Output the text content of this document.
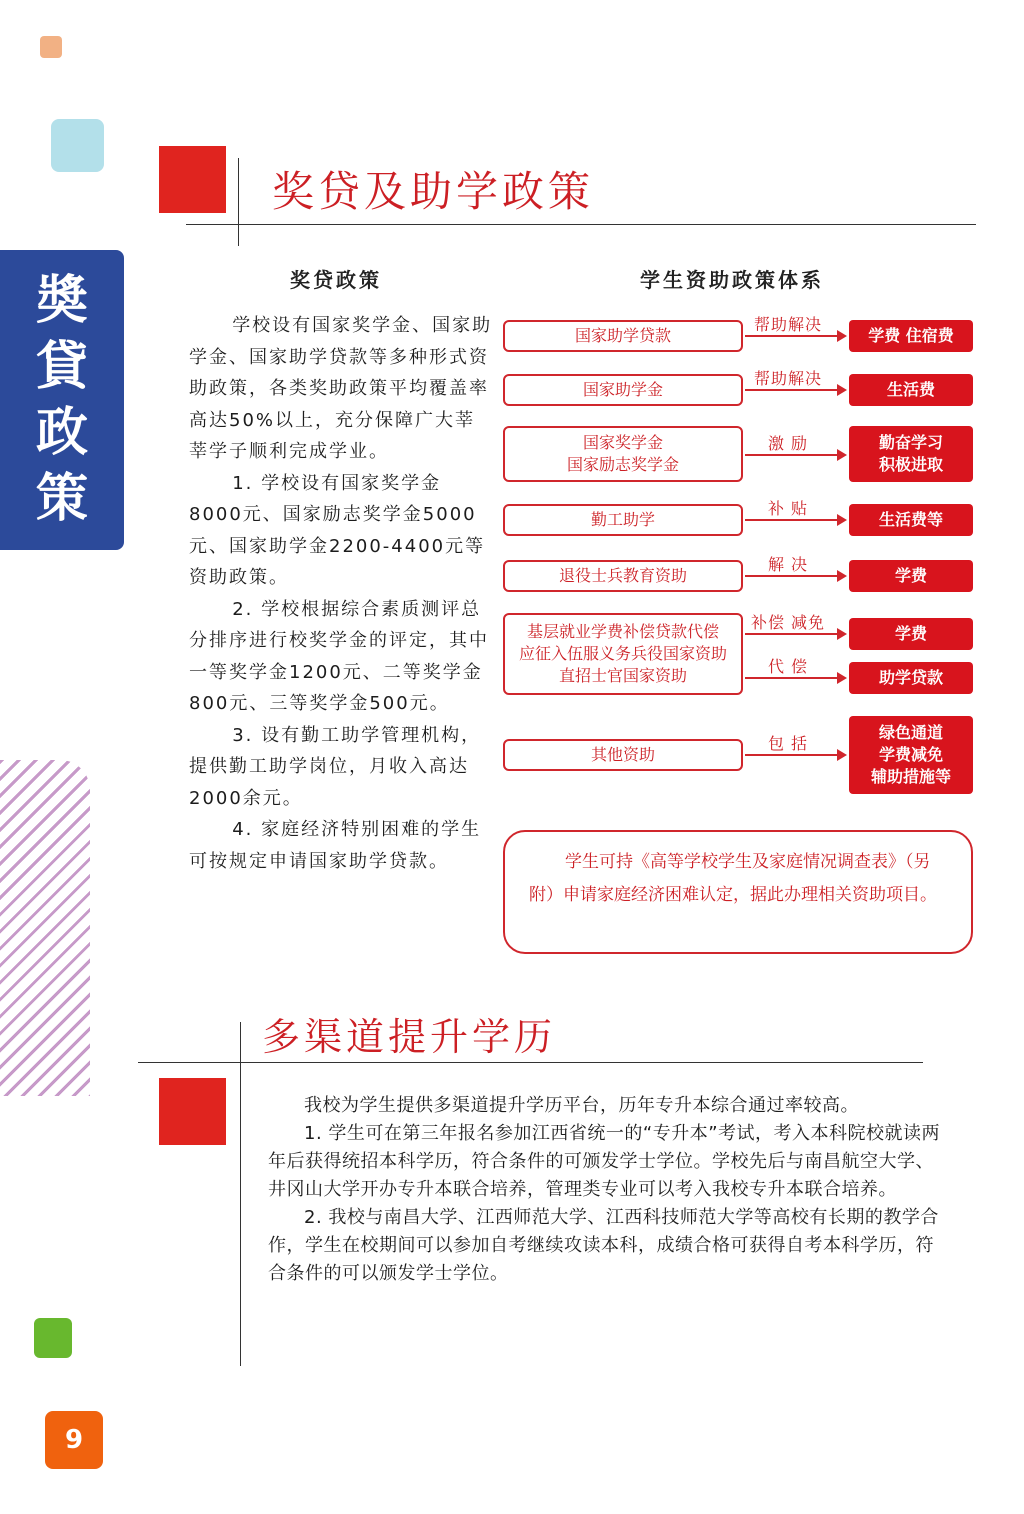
奬
貸
政
策
奖贷及助学政策
奖贷政策	学生资助政策体系

学校设有国家奖学金、国家助学金、国家助学贷款等多种形式资助政策，各类奖助政策平均覆盖率高达50%以上，充分保障广大莘莘学子顺利完成学业。

1. 学校设有国家奖学金8000元、国家励志奖学金5000元、国家助学金2200-4400元等资助政策。

2. 学校根据综合素质测评总分排序进行校奖学金的评定，其中一等奖学金1200元、二等奖学金800元、三等奖学金500元。

3. 设有勤工助学管理机构，提供勤工助学岗位，月收入高达2000余元。

4. 家庭经济特别困难的学生可按规定申请国家助学贷款。

国家助学贷款
帮助解决
学费 住宿费
国家助学金
帮助解决
生活费
国家奖学金
国家励志奖学金
激 励	勤奋学习
积极进取
勤工助学
补 贴
生活费等
退役士兵教育资助
解 决
学费
基层就业学费补偿贷款代偿
应征入伍服义务兵役国家资助
直招士官国家资助
补偿 减免
学费
代 偿
助学贷款
其他资助
包 括
绿色通道
学费减免
辅助措施等

学生可持《高等学校学生及家庭情况调查表》（另附）申请家庭经济困难认定，据此办理相关资助项目。

多渠道提升学历

我校为学生提供多渠道提升学历平台，历年专升本综合通过率较高。

1. 学生可在第三年报名参加江西省统一的“专升本”考试，考入本科院校就读两年后获得统招本科学历，符合条件的可颁发学士学位。学校先后与南昌航空大学、井冈山大学开办专升本联合培养，管理类专业可以考入我校专升本联合培养。

2. 我校与南昌大学、江西师范大学、江西科技师范大学等高校有长期的教学合作，学生在校期间可以参加自考继续攻读本科，成绩合格可获得自考本科学历，符合条件的可以颁发学士学位。

9
